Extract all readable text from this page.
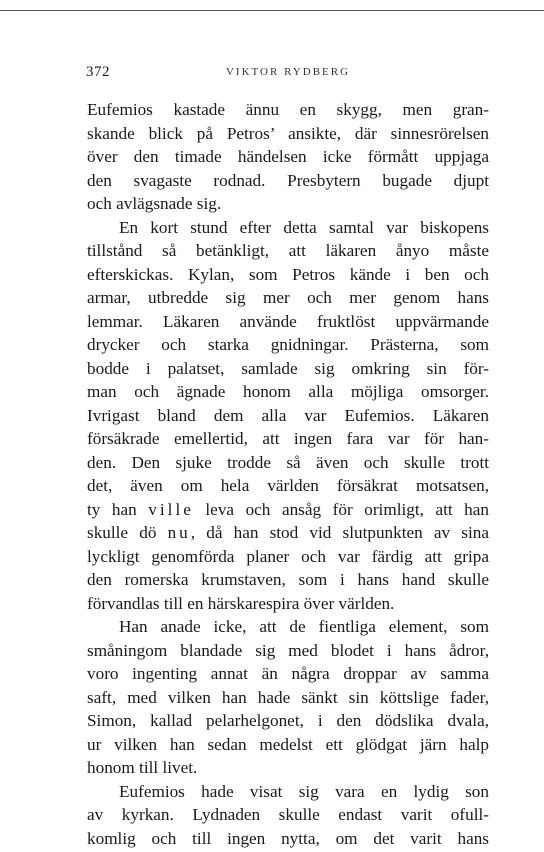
372	VIKTOR RYDBERG
Eufemios kastade ännu en skygg, men gran-
skande blick på Petros’ ansikte, där sinnesrörelsen
över den timade händelsen icke förmått uppjaga
den svagaste rodnad. Presbytern bugade djupt
och avlägsnade sig.
En kort stund efter detta samtal var biskopens
tillstånd så betänkligt, att läkaren ånyo måste
efterskickas. Kylan, som Petros kände i ben och
armar, utbredde sig mer och mer genom hans
lemmar. Läkaren använde fruktlöst uppvärmande
drycker och starka gnidningar. Prästerna, som
bodde i palatset, samlade sig omkring sin för-
man och ägnade honom alla möjliga omsorger.
Ivrigast bland dem alla var Eufemios. Läkaren
försäkrade emellertid, att ingen fara var för han-
den. Den sjuke trodde så även och skulle trott
det, även om hela världen försäkrat motsatsen,
ty han ville leva och ansåg för orimligt, att han
skulle dö nu, då han stod vid slutpunkten av sina
lyckligt genomförda planer och var färdig att gripa
den romerska krumstaven, som i hans hand skulle
förvandlas till en härskarespira över världen.
Han anade icke, att de fientliga element, som
småningom blandade sig med blodet i hans ådror,
voro ingenting annat än några droppar av samma
saft, med vilken han hade sänkt sin köttslige fader,
Simon, kallad pelarhelgonet, i den dödslika dvala,
ur vilken han sedan medelst ett glödgat järn halp
honom till livet.
Eufemios hade visat sig vara en lydig son
av kyrkan. Lydnaden skulle endast varit ofull-
komlig och till ingen nytta, om det varit hans
